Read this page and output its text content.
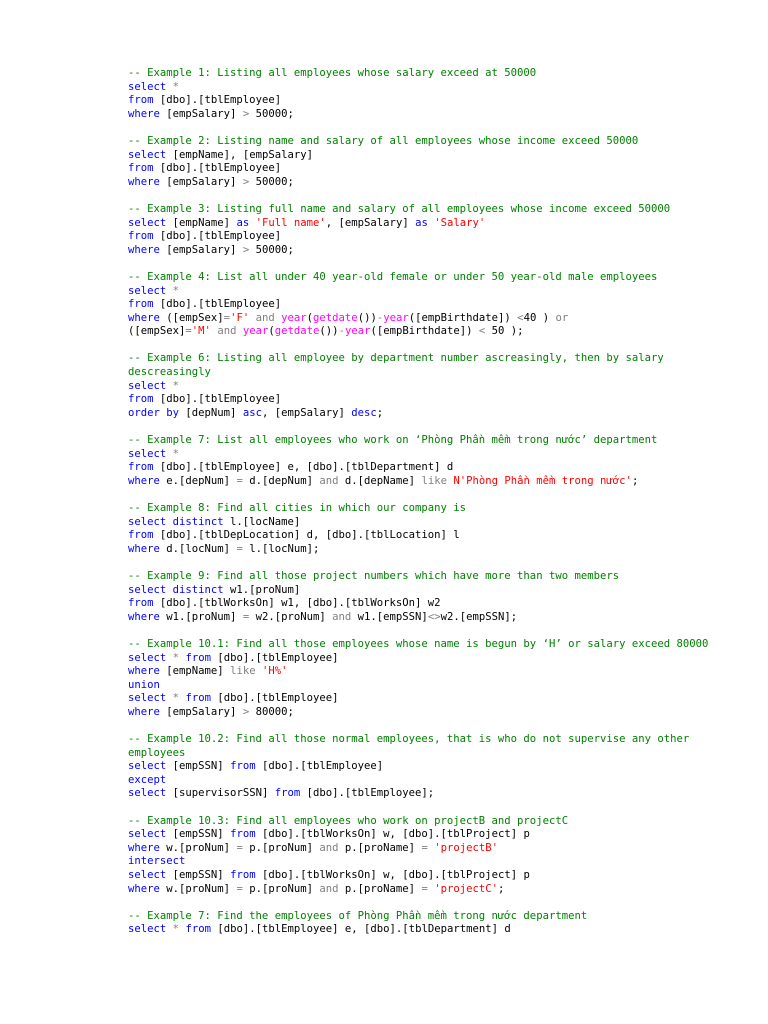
-- Example 1: Listing all employees whose salary exceed at 50000
select *
from [dbo].[tblEmployee]
where [empSalary] > 50000;
-- Example 2: Listing name and salary of all employees whose income exceed 50000
select [empName], [empSalary]
from [dbo].[tblEmployee]
where [empSalary] > 50000;
-- Example 3: Listing full name and salary of all employees whose income exceed 50000
select [empName] as 'Full name', [empSalary] as 'Salary'
from [dbo].[tblEmployee]
where [empSalary] > 50000;
-- Example 4: List all under 40 year-old female or under 50 year-old male employees
select *
from [dbo].[tblEmployee]
where ([empSex]='F' and year(getdate())-year([empBirthdate]) <40 ) or
([empSex]='M' and year(getdate())-year([empBirthdate]) < 50 );
-- Example 6: Listing all employee by department number ascreasingly, then by salary descreasingly
select *
from [dbo].[tblEmployee]
order by [depNum] asc, [empSalary] desc;
-- Example 7: List all employees who work on ‘Phòng Phần mềm trong nước’ department
select *
from [dbo].[tblEmployee] e, [dbo].[tblDepartment] d
where e.[depNum] = d.[depNum] and d.[depName] like N'Phòng Phần mềm trong nước';
-- Example 8: Find all cities in which our company is
select distinct l.[locName]
from [dbo].[tblDepLocation] d, [dbo].[tblLocation] l
where d.[locNum] = l.[locNum];
-- Example 9: Find all those project numbers which have more than two members
select distinct w1.[proNum]
from [dbo].[tblWorksOn] w1, [dbo].[tblWorksOn] w2
where w1.[proNum] = w2.[proNum] and w1.[empSSN]<>w2.[empSSN];
-- Example 10.1: Find all those employees whose name is begun by ‘H’ or salary exceed 80000
select * from [dbo].[tblEmployee]
where [empName] like 'H%'
union
select * from [dbo].[tblEmployee]
where [empSalary] > 80000;
-- Example 10.2: Find all those normal employees, that is who do not supervise any other employees
select [empSSN] from [dbo].[tblEmployee]
except
select [supervisorSSN] from [dbo].[tblEmployee];
-- Example 10.3: Find all employees who work on projectB and projectC
select [empSSN] from [dbo].[tblWorksOn] w, [dbo].[tblProject] p
where w.[proNum] = p.[proNum] and p.[proName] = 'projectB'
intersect
select [empSSN] from [dbo].[tblWorksOn] w, [dbo].[tblProject] p
where w.[proNum] = p.[proNum] and p.[proName] = 'projectC';
-- Example 7: Find the employees of Phòng Phần mềm trong nước department
select * from [dbo].[tblEmployee] e, [dbo].[tblDepartment] d
